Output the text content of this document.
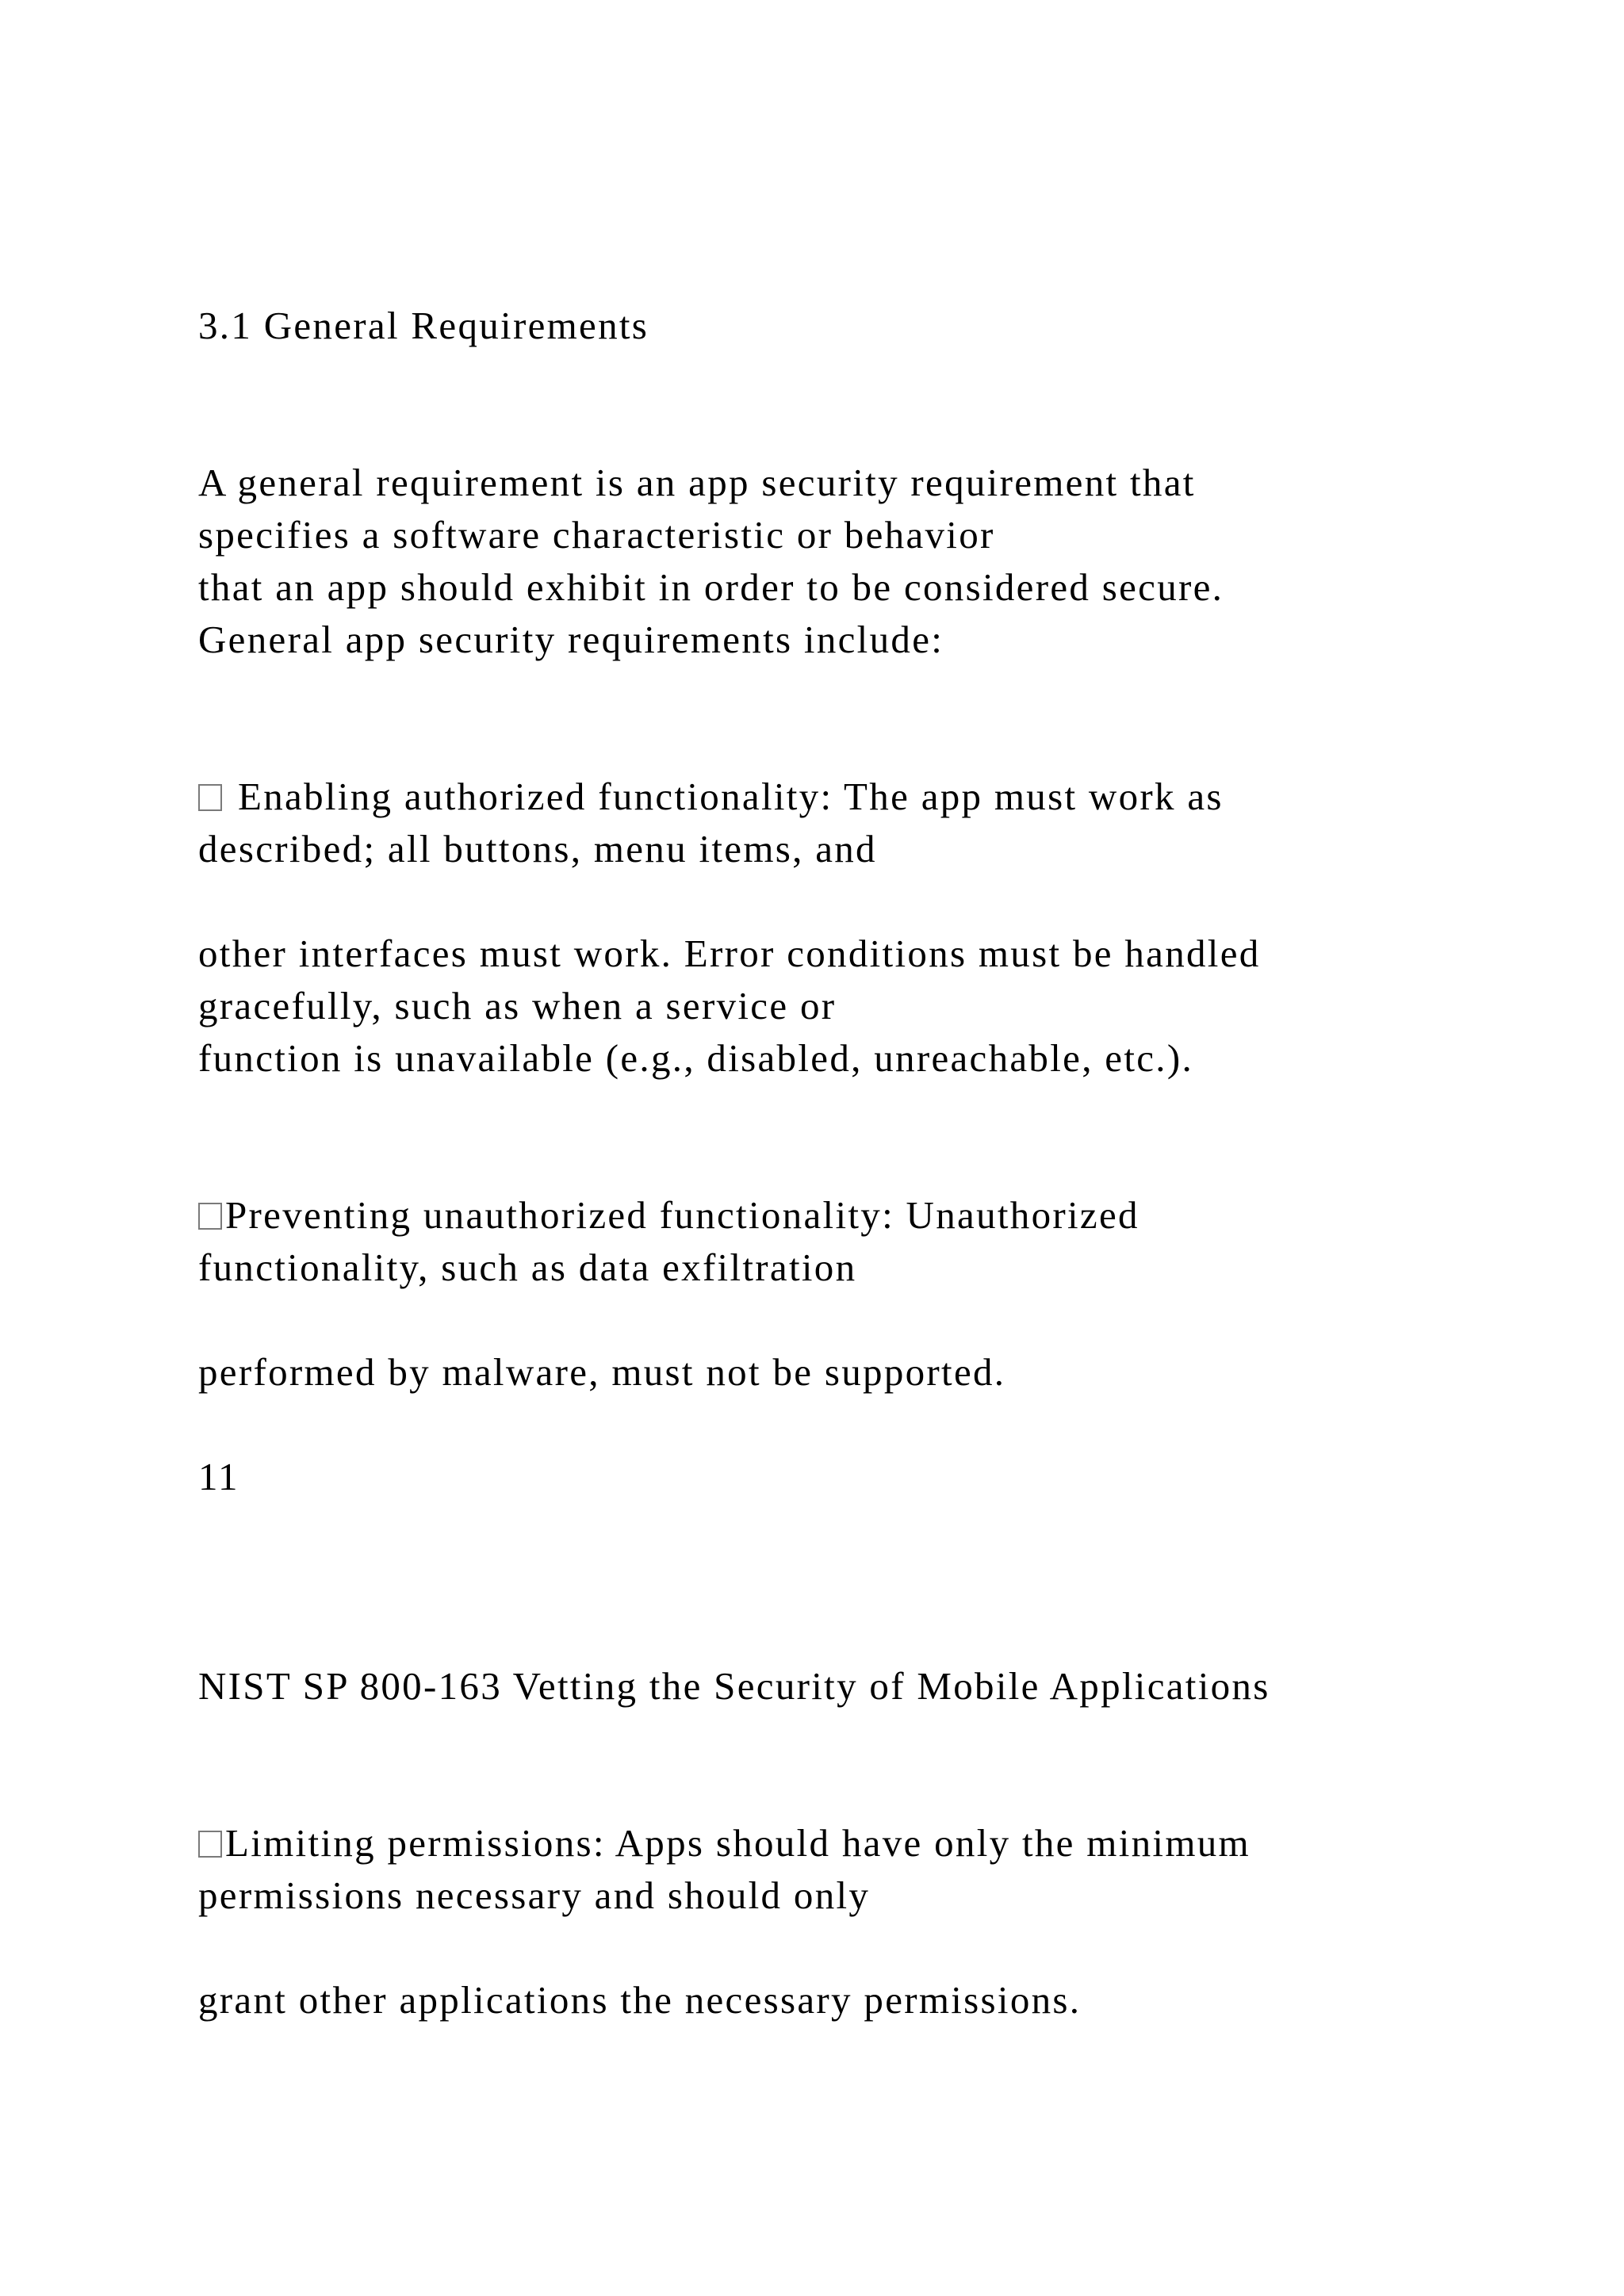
3.1 General Requirements
A general requirement is an app security requirement that
specifies a software characteristic or behavior
that an app should exhibit in order to be considered secure.
General app security requirements include:
Enabling authorized functionality: The app must work as
described; all buttons, menu items, and
other interfaces must work. Error conditions must be handled
gracefully, such as when a service or
function is unavailable (e.g., disabled, unreachable, etc.).
Preventing unauthorized functionality: Unauthorized
functionality, such as data exfiltration
performed by malware, must not be supported.
11
NIST SP 800-163 Vetting the Security of Mobile Applications
Limiting permissions: Apps should have only the minimum
permissions necessary and should only
grant other applications the necessary permissions.
